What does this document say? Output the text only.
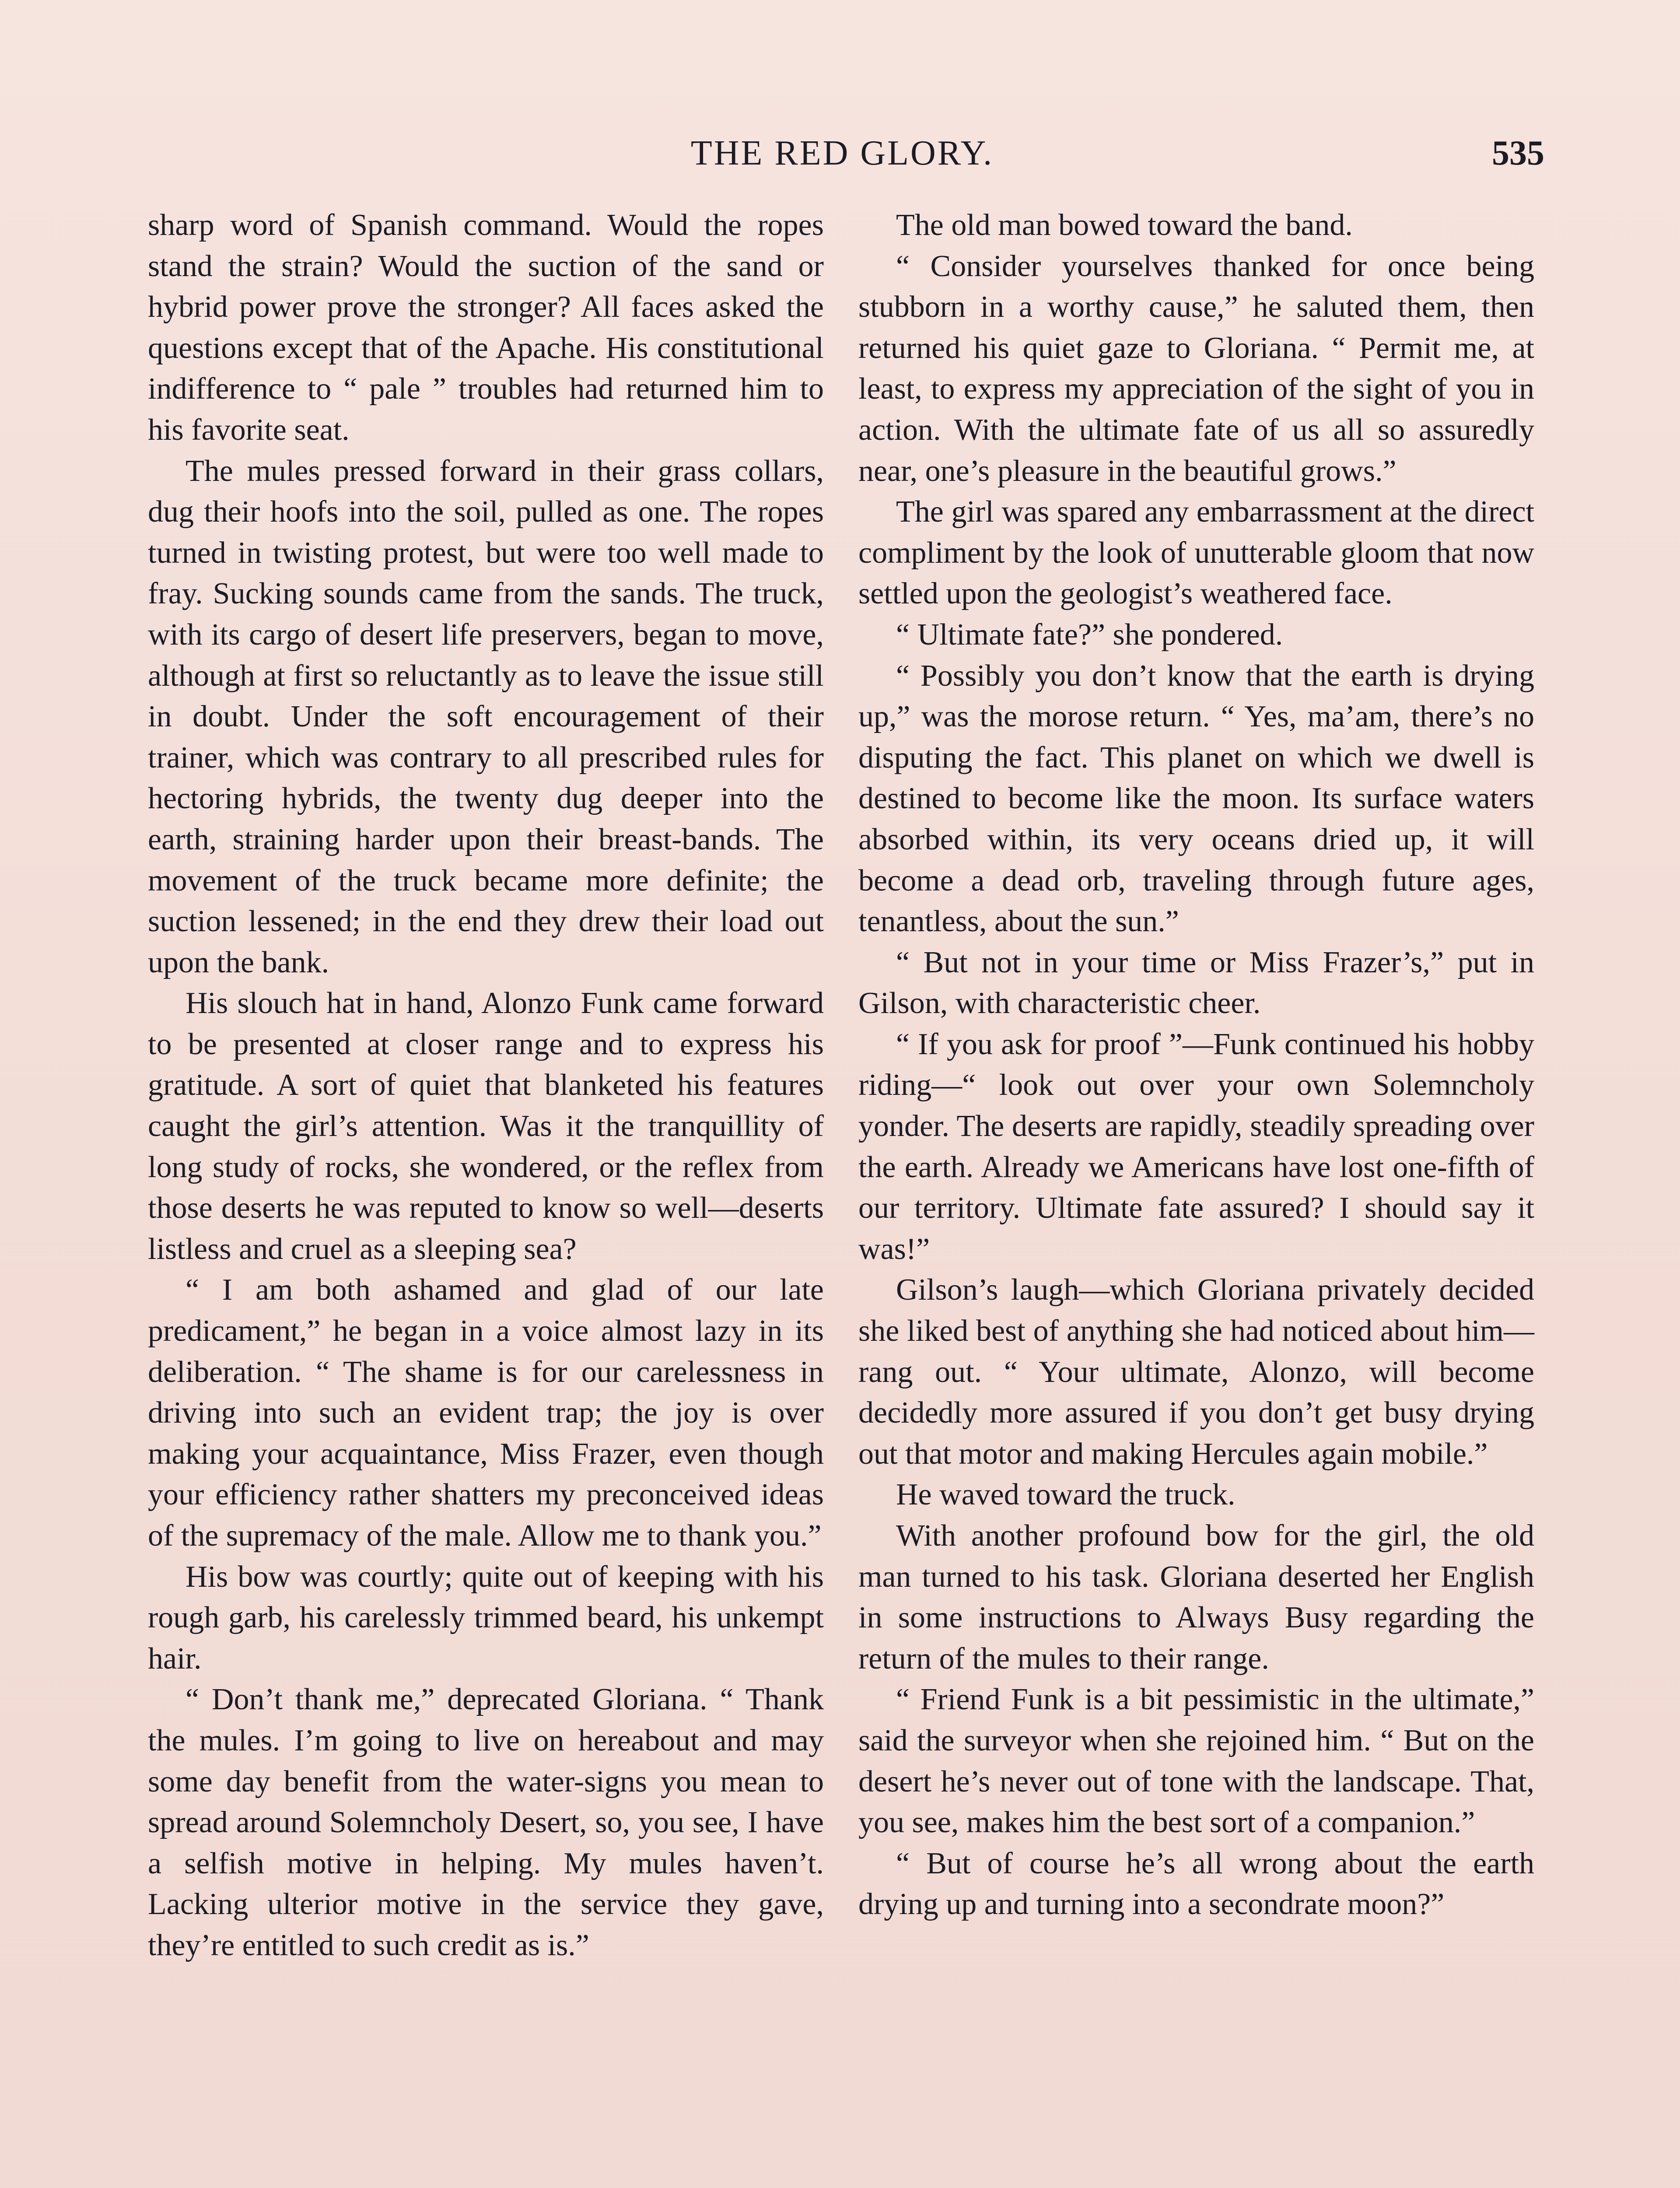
THE RED GLORY.	535

sharp word of Spanish command. Would the ropes stand the strain? Would the suction of the sand or hybrid power prove the stronger? All faces asked the questions except that of the Apache. His constitutional indifference to “ pale ” troubles had returned him to his favorite seat.

The mules pressed forward in their grass collars, dug their hoofs into the soil, pulled as one. The ropes turned in twisting protest, but were too well made to fray. Sucking sounds came from the sands. The truck, with its cargo of desert life preservers, began to move, although at first so reluctantly as to leave the issue still in doubt. Under the soft encouragement of their trainer, which was contrary to all prescribed rules for hectoring hybrids, the twenty dug deeper into the earth, straining harder upon their breast-bands. The movement of the truck became more definite; the suction lessened; in the end they drew their load out upon the bank.

His slouch hat in hand, Alonzo Funk came forward to be presented at closer range and to express his gratitude. A sort of quiet that blanketed his features caught the girl’s attention. Was it the tranquillity of long study of rocks, she wondered, or the reflex from those deserts he was reputed to know so well—deserts listless and cruel as a sleeping sea?

“ I am both ashamed and glad of our late predicament,” he began in a voice almost lazy in its deliberation. “ The shame is for our carelessness in driving into such an evident trap; the joy is over making your acquaintance, Miss Frazer, even though your efficiency rather shatters my preconceived ideas of the supremacy of the male. Allow me to thank you.”

His bow was courtly; quite out of keeping with his rough garb, his carelessly trimmed beard, his unkempt hair.

“ Don’t thank me,” deprecated Gloriana. “ Thank the mules. I’m going to live on hereabout and may some day benefit from the water-signs you mean to spread around Solemncholy Desert, so, you see, I have a selfish motive in helping. My mules haven’t. Lacking ulterior motive in the service they gave, they’re entitled to such credit as is.”

The old man bowed toward the band.

“ Consider yourselves thanked for once being stubborn in a worthy cause,” he saluted them, then returned his quiet gaze to Gloriana. “ Permit me, at least, to express my appreciation of the sight of you in action. With the ultimate fate of us all so assuredly near, one’s pleasure in the beautiful grows.”

The girl was spared any embarrassment at the direct compliment by the look of unutterable gloom that now settled upon the geologist’s weathered face.

“ Ultimate fate?” she pondered.

“ Possibly you don’t know that the earth is drying up,” was the morose return. “ Yes, ma’am, there’s no disputing the fact. This planet on which we dwell is destined to become like the moon. Its surface waters absorbed within, its very oceans dried up, it will become a dead orb, traveling through future ages, tenantless, about the sun.”

“ But not in your time or Miss Frazer’s,” put in Gilson, with characteristic cheer.

“ If you ask for proof ”—Funk continued his hobby riding—“ look out over your own Solemncholy yonder. The deserts are rapidly, steadily spreading over the earth. Already we Americans have lost one-fifth of our territory. Ultimate fate assured? I should say it was!”

Gilson’s laugh—which Gloriana privately decided she liked best of anything she had noticed about him—rang out. “ Your ultimate, Alonzo, will become decidedly more assured if you don’t get busy drying out that motor and making Hercules again mobile.”

He waved toward the truck.

With another profound bow for the girl, the old man turned to his task. Gloriana deserted her English in some instructions to Always Busy regarding the return of the mules to their range.

“ Friend Funk is a bit pessimistic in the ultimate,” said the surveyor when she rejoined him. “ But on the desert he’s never out of tone with the landscape. That, you see, makes him the best sort of a companion.”

“ But of course he’s all wrong about the earth drying up and turning into a secondrate moon?”
